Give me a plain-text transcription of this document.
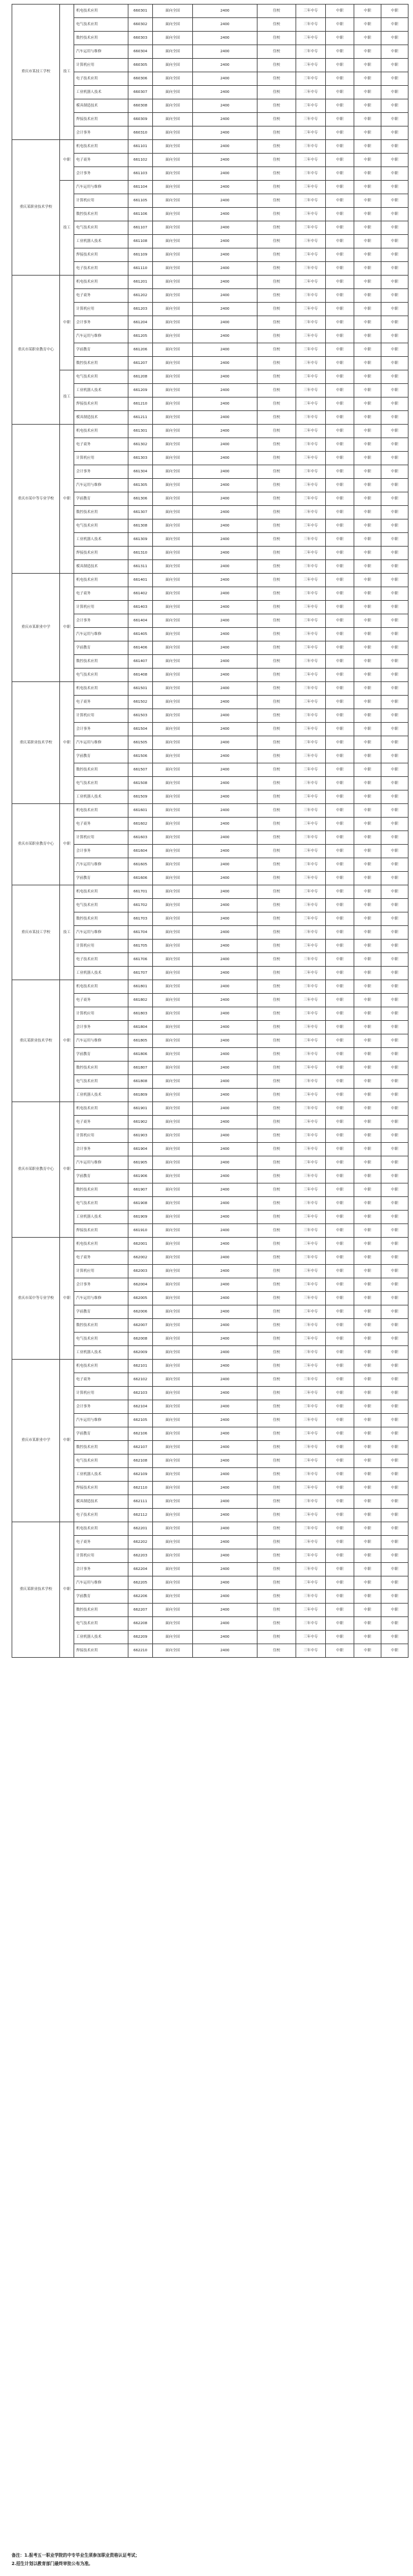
重庆市某技工学校	技工	机电技术应用	660301	面向全国	2400	住校	三年中专	中职	中职	中职
		电气技术应用	660302	面向全国	2400	住校	三年中专	中职	中职	中职
		数控技术应用	660303	面向全国	2400	住校	三年中专	中职	中职	中职
		汽车运用与维修	660304	面向全国	2400	住校	三年中专	中职	中职	中职
		计算机应用	660305	面向全国	2400	住校	三年中专	中职	中职	中职
		电子技术应用	660306	面向全国	2400	住校	三年中专	中职	中职	中职
		工业机器人技术	660307	面向全国	2400	住校	三年中专	中职	中职	中职
		模具制造技术	660308	面向全国	2400	住校	三年中专	中职	中职	中职
		焊接技术应用	660309	面向全国	2400	住校	三年中专	中职	中职	中职
		会计事务	660310	面向全国	2400	住校	三年中专	中职	中职	中职
重庆某职业技术学校	中职	机电技术应用	661101	面向全国	2400	住校	三年中专	中职	中职	中职
		电子商务	661102	面向全国	2400	住校	三年中专	中职	中职	中职
		会计事务	661103	面向全国	2400	住校	三年中专	中职	中职	中职
	技工	汽车运用与维修	661104	面向全国	2400	住校	三年中专	中职	中职	中职
		计算机应用	661105	面向全国	2400	住校	三年中专	中职	中职	中职
		数控技术应用	661106	面向全国	2400	住校	三年中专	中职	中职	中职
		电气技术应用	661107	面向全国	2400	住校	三年中专	中职	中职	中职
		工业机器人技术	661108	面向全国	2400	住校	三年中专	中职	中职	中职
		焊接技术应用	661109	面向全国	2400	住校	三年中专	中职	中职	中职
		电子技术应用	661110	面向全国	2400	住校	三年中专	中职	中职	中职
重庆市某职业教育中心	中职	机电技术应用	661201	面向全国	2400	住校	三年中专	中职	中职	中职
		电子商务	661202	面向全国	2400	住校	三年中专	中职	中职	中职
		计算机应用	661203	面向全国	2400	住校	三年中专	中职	中职	中职
		会计事务	661204	面向全国	2400	住校	三年中专	中职	中职	中职
		汽车运用与维修	661205	面向全国	2400	住校	三年中专	中职	中职	中职
		学前教育	661206	面向全国	2400	住校	三年中专	中职	中职	中职
		数控技术应用	661207	面向全国	2400	住校	三年中专	中职	中职	中职
	技工	电气技术应用	661208	面向全国	2400	住校	三年中专	中职	中职	中职
		工业机器人技术	661209	面向全国	2400	住校	三年中专	中职	中职	中职
		焊接技术应用	661210	面向全国	2400	住校	三年中专	中职	中职	中职
		模具制造技术	661211	面向全国	2400	住校	三年中专	中职	中职	中职
重庆市某中等专业学校	中职	机电技术应用	661301	面向全国	2400	住校	三年中专	中职	中职	中职
		电子商务	661302	面向全国	2400	住校	三年中专	中职	中职	中职
		计算机应用	661303	面向全国	2400	住校	三年中专	中职	中职	中职
		会计事务	661304	面向全国	2400	住校	三年中专	中职	中职	中职
		汽车运用与维修	661305	面向全国	2400	住校	三年中专	中职	中职	中职
		学前教育	661306	面向全国	2400	住校	三年中专	中职	中职	中职
		数控技术应用	661307	面向全国	2400	住校	三年中专	中职	中职	中职
		电气技术应用	661308	面向全国	2400	住校	三年中专	中职	中职	中职
		工业机器人技术	661309	面向全国	2400	住校	三年中专	中职	中职	中职
		焊接技术应用	661310	面向全国	2400	住校	三年中专	中职	中职	中职
		模具制造技术	661311	面向全国	2400	住校	三年中专	中职	中职	中职
重庆市某职业中学	中职	机电技术应用	661401	面向全国	2400	住校	三年中专	中职	中职	中职
		电子商务	661402	面向全国	2400	住校	三年中专	中职	中职	中职
		计算机应用	661403	面向全国	2400	住校	三年中专	中职	中职	中职
		会计事务	661404	面向全国	2400	住校	三年中专	中职	中职	中职
		汽车运用与维修	661405	面向全国	2400	住校	三年中专	中职	中职	中职
		学前教育	661406	面向全国	2400	住校	三年中专	中职	中职	中职
		数控技术应用	661407	面向全国	2400	住校	三年中专	中职	中职	中职
		电气技术应用	661408	面向全国	2400	住校	三年中专	中职	中职	中职
重庆某职业技术学校	中职	机电技术应用	661501	面向全国	2400	住校	三年中专	中职	中职	中职
		电子商务	661502	面向全国	2400	住校	三年中专	中职	中职	中职
		计算机应用	661503	面向全国	2400	住校	三年中专	中职	中职	中职
		会计事务	661504	面向全国	2400	住校	三年中专	中职	中职	中职
		汽车运用与维修	661505	面向全国	2400	住校	三年中专	中职	中职	中职
		学前教育	661506	面向全国	2400	住校	三年中专	中职	中职	中职
		数控技术应用	661507	面向全国	2400	住校	三年中专	中职	中职	中职
		电气技术应用	661508	面向全国	2400	住校	三年中专	中职	中职	中职
		工业机器人技术	661509	面向全国	2400	住校	三年中专	中职	中职	中职
重庆市某职业教育中心	中职	机电技术应用	661601	面向全国	2400	住校	三年中专	中职	中职	中职
		电子商务	661602	面向全国	2400	住校	三年中专	中职	中职	中职
		计算机应用	661603	面向全国	2400	住校	三年中专	中职	中职	中职
		会计事务	661604	面向全国	2400	住校	三年中专	中职	中职	中职
		汽车运用与维修	661605	面向全国	2400	住校	三年中专	中职	中职	中职
		学前教育	661606	面向全国	2400	住校	三年中专	中职	中职	中职
重庆市某技工学校	技工	机电技术应用	661701	面向全国	2400	住校	三年中专	中职	中职	中职
		电气技术应用	661702	面向全国	2400	住校	三年中专	中职	中职	中职
		数控技术应用	661703	面向全国	2400	住校	三年中专	中职	中职	中职
		汽车运用与维修	661704	面向全国	2400	住校	三年中专	中职	中职	中职
		计算机应用	661705	面向全国	2400	住校	三年中专	中职	中职	中职
		电子技术应用	661706	面向全国	2400	住校	三年中专	中职	中职	中职
		工业机器人技术	661707	面向全国	2400	住校	三年中专	中职	中职	中职
重庆某职业技术学校	中职	机电技术应用	661801	面向全国	2400	住校	三年中专	中职	中职	中职
		电子商务	661802	面向全国	2400	住校	三年中专	中职	中职	中职
		计算机应用	661803	面向全国	2400	住校	三年中专	中职	中职	中职
		会计事务	661804	面向全国	2400	住校	三年中专	中职	中职	中职
		汽车运用与维修	661805	面向全国	2400	住校	三年中专	中职	中职	中职
		学前教育	661806	面向全国	2400	住校	三年中专	中职	中职	中职
		数控技术应用	661807	面向全国	2400	住校	三年中专	中职	中职	中职
		电气技术应用	661808	面向全国	2400	住校	三年中专	中职	中职	中职
		工业机器人技术	661809	面向全国	2400	住校	三年中专	中职	中职	中职
重庆市某职业教育中心	中职	机电技术应用	661901	面向全国	2400	住校	三年中专	中职	中职	中职
		电子商务	661902	面向全国	2400	住校	三年中专	中职	中职	中职
		计算机应用	661903	面向全国	2400	住校	三年中专	中职	中职	中职
		会计事务	661904	面向全国	2400	住校	三年中专	中职	中职	中职
		汽车运用与维修	661905	面向全国	2400	住校	三年中专	中职	中职	中职
		学前教育	661906	面向全国	2400	住校	三年中专	中职	中职	中职
		数控技术应用	661907	面向全国	2400	住校	三年中专	中职	中职	中职
		电气技术应用	661908	面向全国	2400	住校	三年中专	中职	中职	中职
		工业机器人技术	661909	面向全国	2400	住校	三年中专	中职	中职	中职
		焊接技术应用	661910	面向全国	2400	住校	三年中专	中职	中职	中职
重庆市某中等专业学校	中职	机电技术应用	662001	面向全国	2400	住校	三年中专	中职	中职	中职
		电子商务	662002	面向全国	2400	住校	三年中专	中职	中职	中职
		计算机应用	662003	面向全国	2400	住校	三年中专	中职	中职	中职
		会计事务	662004	面向全国	2400	住校	三年中专	中职	中职	中职
		汽车运用与维修	662005	面向全国	2400	住校	三年中专	中职	中职	中职
		学前教育	662006	面向全国	2400	住校	三年中专	中职	中职	中职
		数控技术应用	662007	面向全国	2400	住校	三年中专	中职	中职	中职
		电气技术应用	662008	面向全国	2400	住校	三年中专	中职	中职	中职
		工业机器人技术	662009	面向全国	2400	住校	三年中专	中职	中职	中职
重庆市某职业中学	中职	机电技术应用	662101	面向全国	2400	住校	三年中专	中职	中职	中职
		电子商务	662102	面向全国	2400	住校	三年中专	中职	中职	中职
		计算机应用	662103	面向全国	2400	住校	三年中专	中职	中职	中职
		会计事务	662104	面向全国	2400	住校	三年中专	中职	中职	中职
		汽车运用与维修	662105	面向全国	2400	住校	三年中专	中职	中职	中职
		学前教育	662106	面向全国	2400	住校	三年中专	中职	中职	中职
		数控技术应用	662107	面向全国	2400	住校	三年中专	中职	中职	中职
		电气技术应用	662108	面向全国	2400	住校	三年中专	中职	中职	中职
		工业机器人技术	662109	面向全国	2400	住校	三年中专	中职	中职	中职
		焊接技术应用	662110	面向全国	2400	住校	三年中专	中职	中职	中职
		模具制造技术	662111	面向全国	2400	住校	三年中专	中职	中职	中职
		电子技术应用	662112	面向全国	2400	住校	三年中专	中职	中职	中职
重庆某职业技术学校	中职	机电技术应用	662201	面向全国	2400	住校	三年中专	中职	中职	中职
		电子商务	662202	面向全国	2400	住校	三年中专	中职	中职	中职
		计算机应用	662203	面向全国	2400	住校	三年中专	中职	中职	中职
		会计事务	662204	面向全国	2400	住校	三年中专	中职	中职	中职
		汽车运用与维修	662205	面向全国	2400	住校	三年中专	中职	中职	中职
		学前教育	662206	面向全国	2400	住校	三年中专	中职	中职	中职
		数控技术应用	662207	面向全国	2400	住校	三年中专	中职	中职	中职
		电气技术应用	662208	面向全国	2400	住校	三年中专	中职	中职	中职
		工业机器人技术	662209	面向全国	2400	住校	三年中专	中职	中职	中职
		焊接技术应用	662210	面向全国	2400	住校	三年中专	中职	中职	中职
备注：1.报考五一职业学院的中专毕业生须参加职业资格认证考试；
2.招生计划以教育部门最终审批公布为准。
